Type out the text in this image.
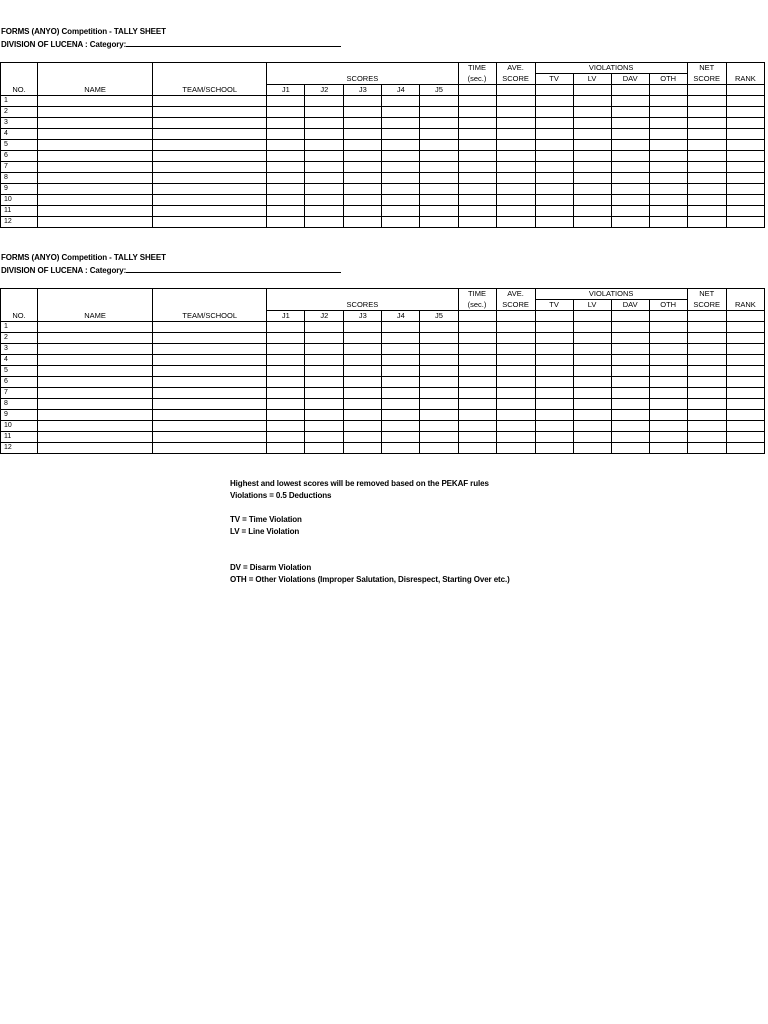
FORMS (ANYO) Competition - TALLY SHEET
DIVISION OF LUCENA : Category:
								TIME	AVE.	VIOLATIONS				NET	
			SCORES					(sec.)	SCORE	TV	LV	DAV	OTH	SCORE	RANK
NO.	NAME	TEAM/SCHOOL	J1	J2	J3	J4	J5								
1															
2															
3															
4															
5															
6															
7															
8															
9															
10															
11															
12															
FORMS (ANYO) Competition - TALLY SHEET
DIVISION OF LUCENA : Category:
								TIME	AVE.	VIOLATIONS				NET	
			SCORES					(sec.)	SCORE	TV	LV	DAV	OTH	SCORE	RANK
NO.	NAME	TEAM/SCHOOL	J1	J2	J3	J4	J5								
1															
2															
3															
4															
5															
6															
7															
8															
9															
10															
11															
12															
Highest and lowest scores will be removed based on the PEKAF rules
Violations = 0.5 Deductions
TV = Time Violation
LV = Line Violation
DV = Disarm Violation
OTH = Other Violations (Improper Salutation, Disrespect, Starting Over etc.)
